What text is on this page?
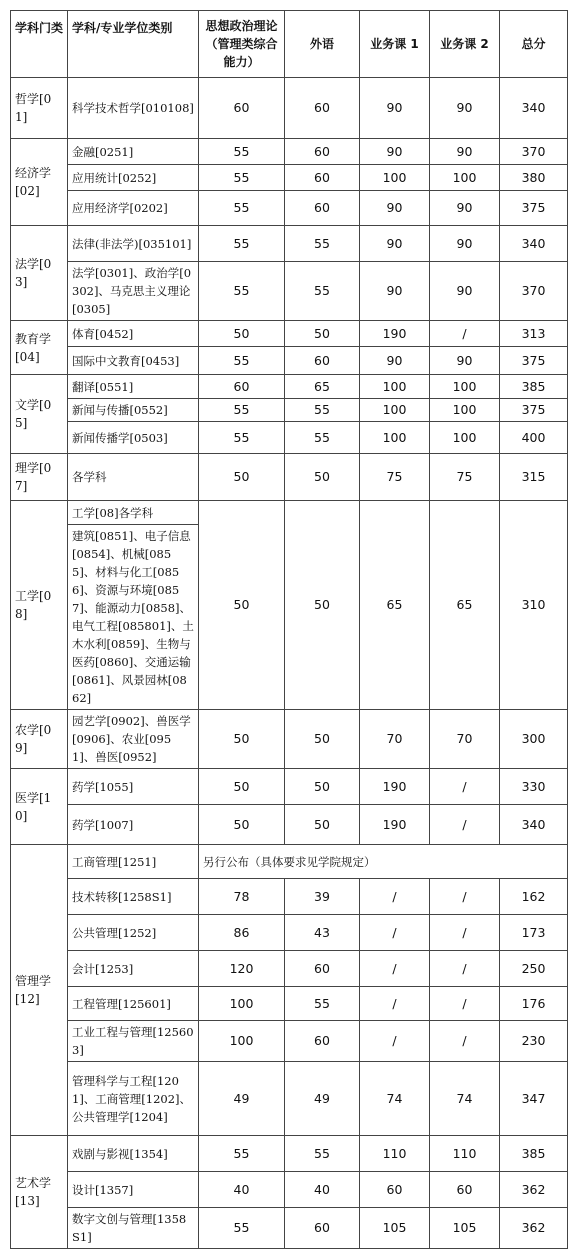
学科门类	学科/专业学位类别	思想政治理论（管理类综合能力）	外语	业务课 1	业务课 2	总分
哲学[01]	科学技术哲学[010108]	60	60	90	90	340
经济学[02]	金融[0251]	55	60	90	90	370
	应用统计[0252]	55	60	100	100	380
	应用经济学[0202]	55	60	90	90	375
法学[03]	法律(非法学)[035101]	55	55	90	90	340
	法学[0301]、政治学[0302]、马克思主义理论[0305]	55	55	90	90	370
教育学[04]	体育[0452]	50	50	190	/	313
	国际中文教育[0453]	55	60	90	90	375
文学[05]	翻译[0551]	60	65	100	100	385
	新闻与传播[0552]	55	55	100	100	375
	新闻传播学[0503]	55	55	100	100	400
理学[07]	各学科	50	50	75	75	315
工学[08]	工学[08]各学科	50	50	65	65	310
	建筑[0851]、电子信息[0854]、机械[0855]、材料与化工[0856]、资源与环境[0857]、能源动力[0858]、电气工程[085801]、土木水利[0859]、生物与医药[0860]、交通运输[0861]、风景园林[0862]					
农学[09]	园艺学[0902]、兽医学[0906]、农业[0951]、兽医[0952]	50	50	70	70	300
医学[10]	药学[1055]	50	50	190	/	330
	药学[1007]	50	50	190	/	340
管理学[12]	工商管理[1251]	另行公布（具体要求见学院规定）				
	技术转移[1258S1]	78	39	/	/	162
	公共管理[1252]	86	43	/	/	173
	会计[1253]	120	60	/	/	250
	工程管理[125601]	100	55	/	/	176
	工业工程与管理[125603]	100	60	/	/	230
	管理科学与工程[1201]、工商管理[1202]、公共管理学[1204]	49	49	74	74	347
艺术学[13]	戏剧与影视[1354]	55	55	110	110	385
	设计[1357]	40	40	60	60	362
	数字文创与管理[1358S1]	55	60	105	105	362
